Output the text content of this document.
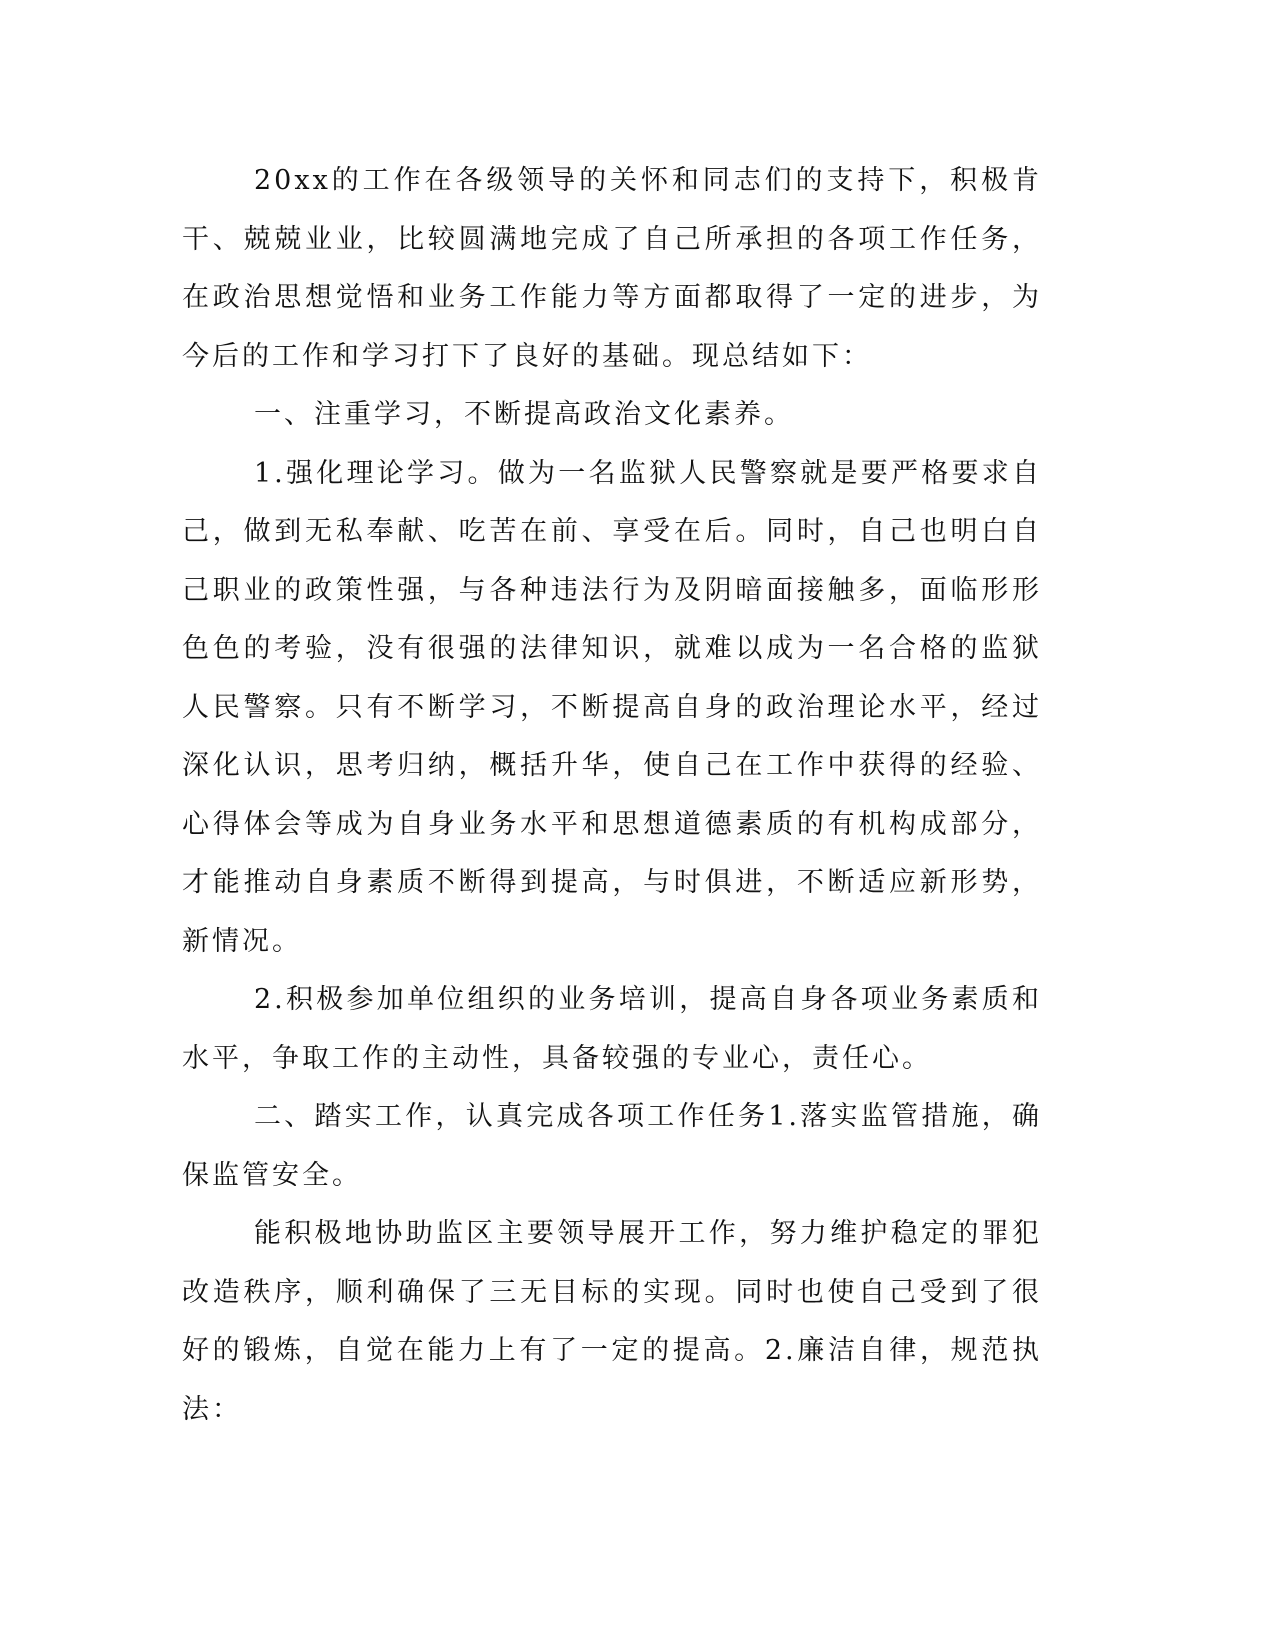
20xx的工作在各级领导的关怀和同志们的支持下，积极肯干、兢兢业业，比较圆满地完成了自己所承担的各项工作任务，在政治思想觉悟和业务工作能力等方面都取得了一定的进步，为今后的工作和学习打下了良好的基础。现总结如下：

一、注重学习，不断提高政治文化素养。

1.强化理论学习。做为一名监狱人民警察就是要严格要求自己，做到无私奉献、吃苦在前、享受在后。同时，自己也明白自己职业的政策性强，与各种违法行为及阴暗面接触多，面临形形色色的考验，没有很强的法律知识，就难以成为一名合格的监狱人民警察。只有不断学习，不断提高自身的政治理论水平，经过深化认识，思考归纳，概括升华，使自己在工作中获得的经验、心得体会等成为自身业务水平和思想道德素质的有机构成部分，才能推动自身素质不断得到提高，与时俱进，不断适应新形势，新情况。

2.积极参加单位组织的业务培训，提高自身各项业务素质和水平，争取工作的主动性，具备较强的专业心，责任心。

二、踏实工作，认真完成各项工作任务1.落实监管措施，确保监管安全。

能积极地协助监区主要领导展开工作，努力维护稳定的罪犯改造秩序，顺利确保了三无目标的实现。同时也使自己受到了很好的锻炼，自觉在能力上有了一定的提高。2.廉洁自律，规范执法：
